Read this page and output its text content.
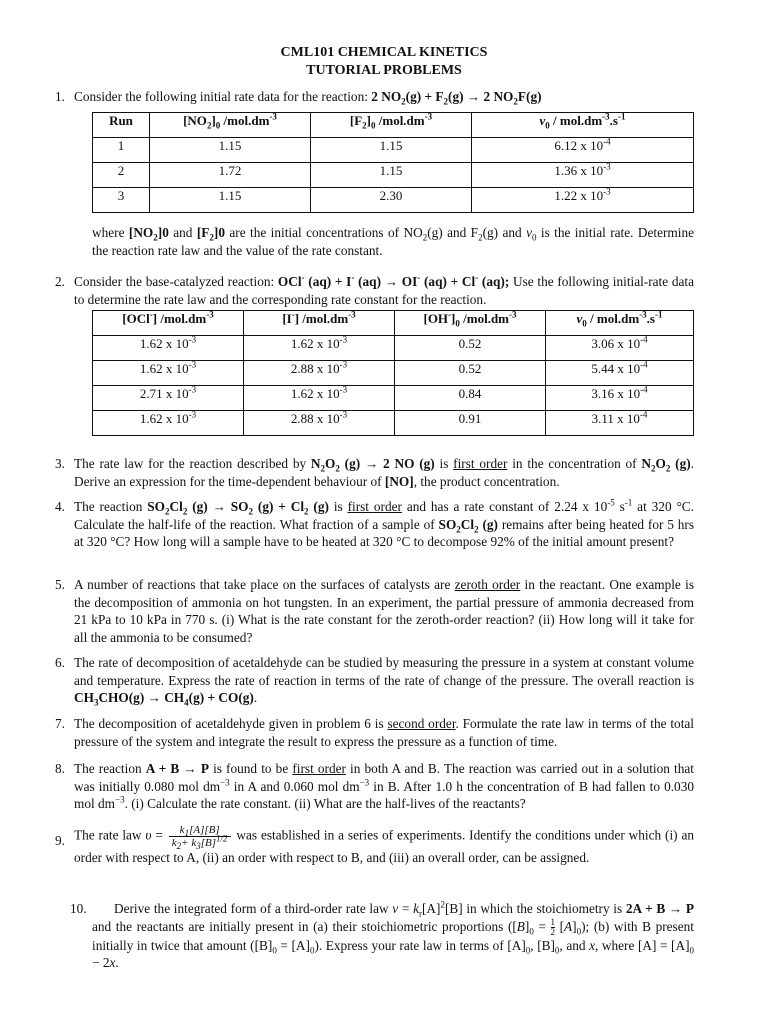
CML101 CHEMICAL KINETICS
TUTORIAL PROBLEMS
1. Consider the following initial rate data for the reaction: 2 $NO_2(g) + F_2(g) \to 2$ $NO_2F(g)$

Run	$[NO_2]_0$ $/mol.dm^{-3}$	$[F_2]_0$ $/mol.dm^{-3}$	$v_0 / mol.dm^{-3}.s^{-1}$
1	1.15	1.15	6.12 x $10^{-4}$
2	1.72	1.15	1.36 x $10^{-3}$
3	1.15	2.30	1.22 x $10^{-3}$

where $[NO_2]0$ and $[F_2]0$ are the initial concentrations of $NO_2(g)$ and $F_2(g)$ and $v_0$ is the initial rate. Determine the reaction rate law and the value of the rate constant.

2. Consider the base-catalyzed reaction: OCl- (aq) + I- (aq) → OI- (aq) + Cl- (aq); Use the following initial-rate data to determine the rate law and the corresponding rate constant for the reaction.

[OCl-] $/mol.dm^{-3}$	[I-] $/mol.dm^{-3}$	$[OH^-]_0$ $/mol.dm^{-3}$	$v_0 / mol.dm^{-3}.s^{-1}$
1.62 x $10^{-3}$	1.62 x $10^{-3}$	0.52	3.06 x $10^{-4}$
1.62 x $10^{-3}$	2.88 x $10^{-3}$	0.52	5.44 x $10^{-4}$
2.71 x $10^{-3}$	1.62 x $10^{-3}$	0.84	3.16 x $10^{-4}$
1.62 x $10^{-3}$	2.88 x $10^{-3}$	0.91	3.11 x $10^{-4}$
3. The rate law for the reaction described by $N_2O_2$ (g) → 2 NO (g) is first order in the concentration of $N_2O_2$ (g). Derive an expression for the time-dependent behaviour of [NO], the product concentration.

4. The reaction $SO_2Cl_2$ $(g) \to SO_2$ $(g) + Cl_2$ (g) is first order and has a rate constant of 2.24 x $10^{-5}$ $s^{-1}$ at 320 °C. Calculate the half-life of the reaction. What fraction of a sample of $SO_2Cl_2$ (g) remains after being heated for 5 hrs at 320 °C? How long will a sample have to be heated at 320 °C to decompose 92% of the initial amount present?

5. A number of reactions that take place on the surfaces of catalysts are zeroth order in the reactant. One example is the decomposition of ammonia on hot tungsten. In an experiment, the partial pressure of ammonia decreased from 21 kPa to 10 kPa in 770 s. (i) What is the rate constant for the zeroth-order reaction? (ii) How long will it take for all the ammonia to be consumed?

6. The rate of decomposition of acetaldehyde can be studied by measuring the pressure in a system at constant volume and temperature. Express the rate of reaction in terms of the rate of change of the pressure. The overall reaction is $CH_3CHO(g) \to CH_4(g) + CO(g)$.

7. The decomposition of acetaldehyde given in problem 6 is second order. Formulate the rate law in terms of the total pressure of the system and integrate the result to express the pressure as a function of time.

8. The reaction A + B → P is found to be first order in both A and B. The reaction was carried out in a solution that was initially 0.080 mol $dm^{-3}$ in A and 0.060 mol $dm^{-3}$ in B. After 1.0 h the concentration of B had fallen to 0.030 mol $dm^{-3}$. (i) Calculate the rate constant. (ii) What are the half-lives of the reactants?

9. The rate law $\upsilon = \frac{k_1[A][B]}{k_2+ k_3[B]^{1/2}}$ was established in a series of experiments. Identify the conditions under which (i) an order with respect to A, (ii) an order with respect to B, and (iii) an overall order, can be assigned.

10.	Derive the integrated form of a third-order rate law $v = k_r[A]^2[B]$ in which the stoichiometry is 2A + B → P and the reactants are initially present in (a) their stoichiometric proportions $([B]_0 = \frac{1}{2} [A]_0)$; (b) with B present initially in twice that amount $([B]_0 = [A]_0)$. Express your rate law in terms of $[A]_0$, $[B]_0$, and x, where $[A] = [A]_0 - 2x$.
